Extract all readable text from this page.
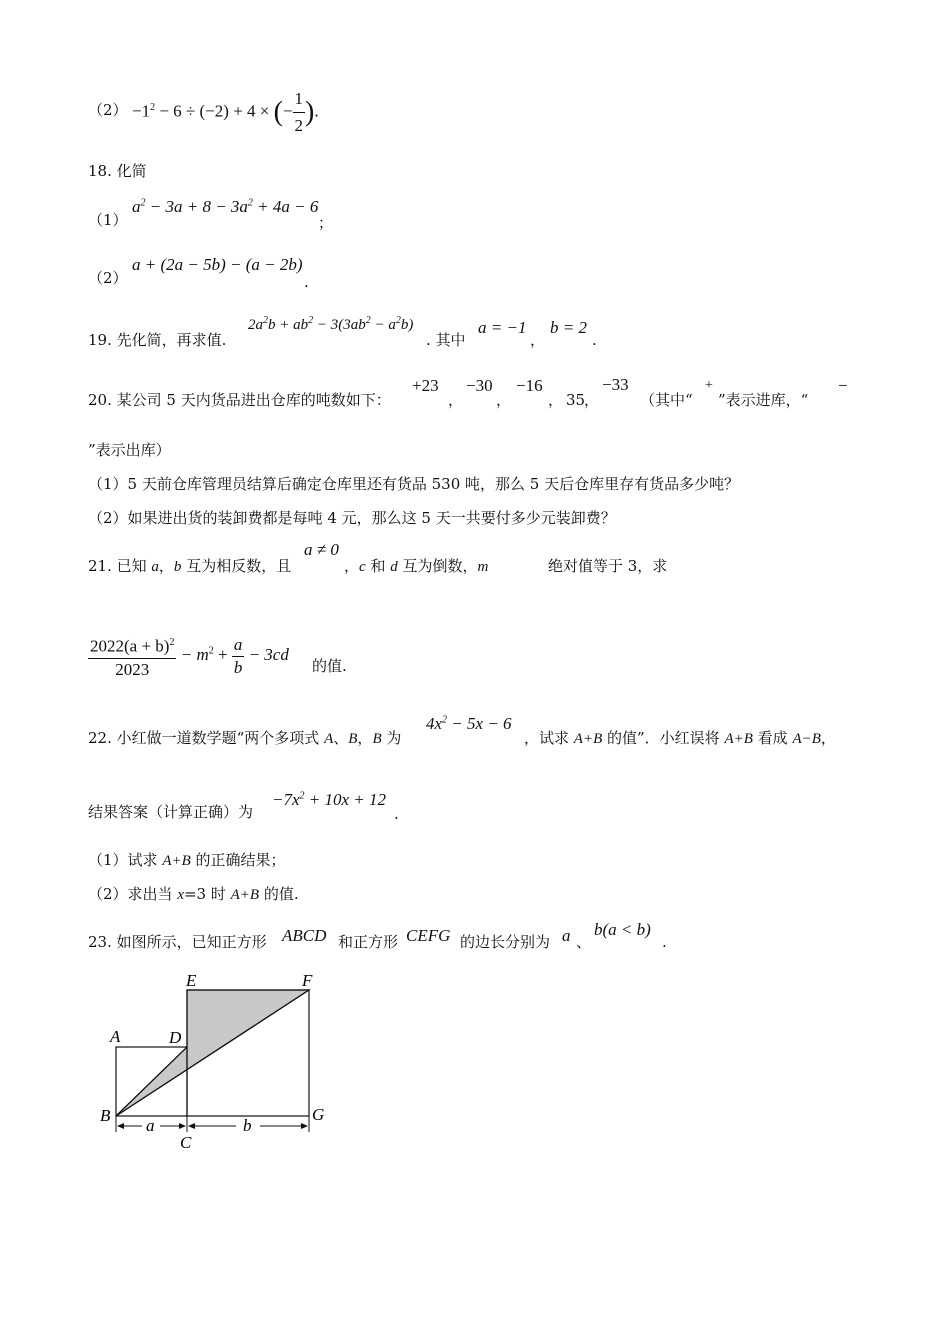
$(2) -1^2 - 6 \div (-2) + 4$ × (− $\frac{1}{2}$ ).
18. 化简
（1）
$a^2 - 3a + 8 - 3a^2 + 4a - 6$
；
（2）
a + (2a − 5b) − (a − 2b)
.
19. 先化简，再求值.
$2a^2b + ab^2 - 3(3ab^2 - a^2b)$
. 其中
a = −1
，
b = 2
.
20. 某公司 5 天内货品进出仓库的吨数如下：
+23
，
−30
，
−16
， 35
，
−33
（其中“
+
”表示进库，“
−
”表示出库）
（1）5 天前仓库管理员结算后确定仓库里还有货品 530 吨，那么 5 天后仓库里存有货品多少吨？
（2）如果进出货的装卸费都是每吨 4 元，那么这 5 天一共要付多少元装卸费？
21. 已知 a，b 互为相反数，且
a ≠ 0
，c 和 d 互为倒数，m	绝对值等于 3，求
$\frac{2022(a + b)^2}{2023} - m^2 + \frac{a}{b} - 3cd$
的值.
22. 小红做一道数学题“两个多项式 A、B，B 为
$4x^2 - 5x - 6$
，试求 A+B 的值”．小红误将 A+B 看成 A−B，
结果答案（计算正确）为
$-7x^2 + 10x + 12$
.
（1）试求 A+B 的正确结果；
（2）求出当 x=3 时 A+B 的值.
23. 如图所示，已知正方形 ABCD 和正方形 CEFG 的边长分别为 a 、
b(a < b)
.
A
B
C
D
E	F
G
a	b
